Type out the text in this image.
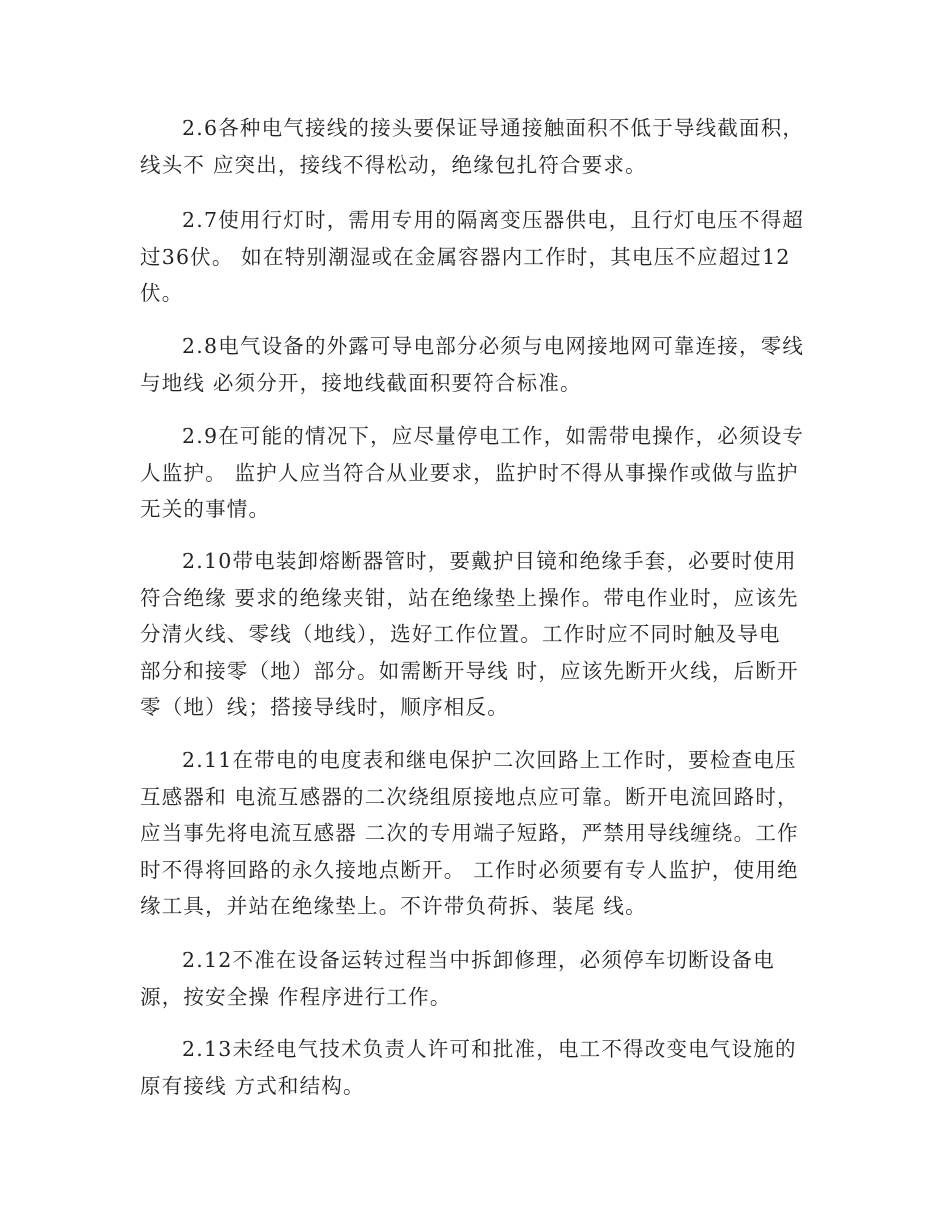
2.6各种电气接线的接头要保证导通接触面积不低于导线截面积，
线头不 应突出，接线不得松动，绝缘包扎符合要求。
2.7使用行灯时，需用专用的隔离变压器供电，且行灯电压不得超
过36伏。 如在特别潮湿或在金属容器内工作时，其电压不应超过12
伏。
2.8电气设备的外露可导电部分必须与电网接地网可靠连接，零线
与地线 必须分开，接地线截面积要符合标准。
2.9在可能的情况下，应尽量停电工作，如需带电操作，必须设专
人监护。 监护人应当符合从业要求，监护时不得从事操作或做与监护
无关的事情。
2.10带电装卸熔断器管时，要戴护目镜和绝缘手套，必要时使用
符合绝缘 要求的绝缘夹钳，站在绝缘垫上操作。带电作业时，应该先
分清火线、零线（地线），选好工作位置。工作时应不同时触及导电
部分和接零（地）部分。如需断开导线 时，应该先断开火线，后断开
零（地）线；搭接导线时，顺序相反。
2.11在带电的电度表和继电保护二次回路上工作时，要检查电压
互感器和 电流互感器的二次绕组原接地点应可靠。断开电流回路时，
应当事先将电流互感器 二次的专用端子短路，严禁用导线缠绕。工作
时不得将回路的永久接地点断开。 工作时必须要有专人监护，使用绝
缘工具，并站在绝缘垫上。不许带负荷拆、装尾 线。
2.12不准在设备运转过程当中拆卸修理，必须停车切断设备电
源，按安全操 作程序进行工作。
2.13未经电气技术负责人许可和批准，电工不得改变电气设施的
原有接线 方式和结构。
